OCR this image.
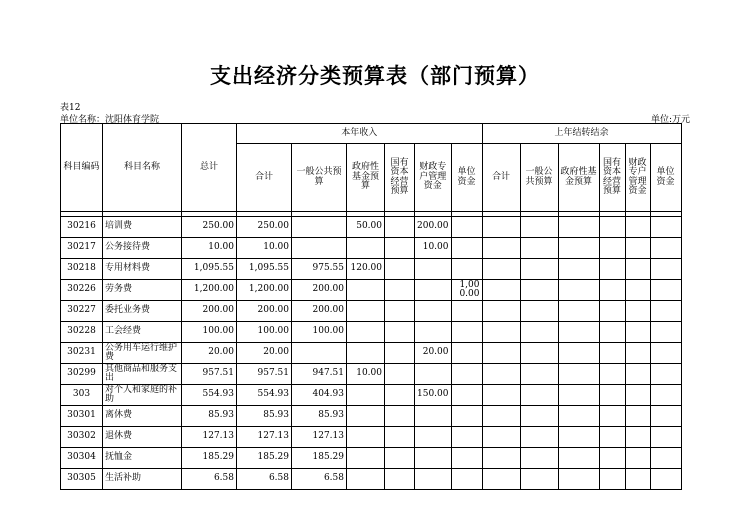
支出经济分类预算表（部门预算）
表12
单位名称：沈阳体育学院	单位:万元
科目编码	科目名称	总计	本年收入						上年结转结余					
			合计	一般公共预算	政府性基金预算	国有资本经营预算	财政专户管理资金	单位资金	合计	一般公共预算	政府性基金预算	国有资本经营预算	财政专户管理资金	单位资金

30216	培训费	250.00	250.00		50.00		200.00							
30217	公务接待费	10.00	10.00				10.00							
30218	专用材料费	1,095.55	1,095.55	975.55	120.00									
30226	劳务费	1,200.00	1,200.00	200.00				1,000.00						
30227	委托业务费	200.00	200.00	200.00										
30228	工会经费	100.00	100.00	100.00										
30231	公务用车运行维护费	20.00	20.00				20.00							
30299	其他商品和服务支出	957.51	957.51	947.51	10.00									
303	对个人和家庭的补助	554.93	554.93	404.93			150.00							
30301	离休费	85.93	85.93	85.93										
30302	退休费	127.13	127.13	127.13										
30304	抚恤金	185.29	185.29	185.29										
30305	生活补助	6.58	6.58	6.58										
